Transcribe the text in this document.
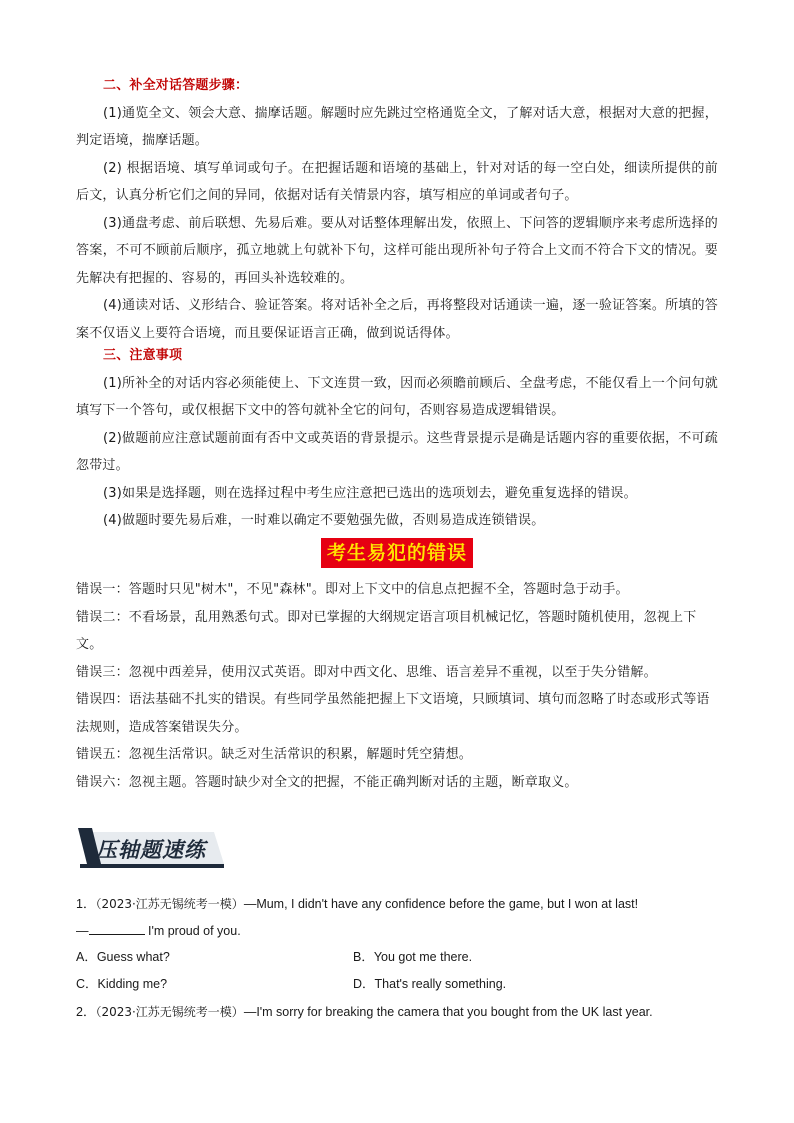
二、补全对话答题步骤：
(1)通览全文、领会大意、揣摩话题。解题时应先跳过空格通览全文，了解对话大意，根据对大意的把握，判定语境，揣摩话题。
(2) 根据语境、填写单词或句子。在把握话题和语境的基础上，针对对话的每一空白处，细读所提供的前后文，认真分析它们之间的异同，依据对话有关情景内容，填写相应的单词或者句子。
(3)通盘考虑、前后联想、先易后难。要从对话整体理解出发，依照上、下问答的逻辑顺序来考虑所选择的答案，不可不顾前后顺序，孤立地就上句就补下句，这样可能出现所补句子符合上文而不符合下文的情况。要先解决有把握的、容易的，再回头补选较难的。
(4)通读对话、义形结合、验证答案。将对话补全之后，再将整段对话通读一遍，逐一验证答案。所填的答案不仅语义上要符合语境，而且要保证语言正确，做到说话得体。
三、注意事项
(1)所补全的对话内容必须能使上、下文连贯一致，因而必须瞻前顾后、全盘考虑，不能仅看上一个问句就填写下一个答句，或仅根据下文中的答句就补全它的问句，否则容易造成逻辑错误。
(2)做题前应注意试题前面有否中文或英语的背景提示。这些背景提示是确是话题内容的重要依据，不可疏忽带过。
(3)如果是选择题，则在选择过程中考生应注意把已选出的选项划去，避免重复选择的错误。
(4)做题时要先易后难，一时难以确定不要勉强先做，否则易造成连锁错误。
考生易犯的错误
错误一：答题时只见"树木"，不见"森林"。即对上下文中的信息点把握不全，答题时急于动手。
错误二：不看场景，乱用熟悉句式。即对已掌握的大纲规定语言项目机械记忆，答题时随机使用，忽视上下文。
错误三：忽视中西差异，使用汉式英语。即对中西文化、思维、语言差异不重视，以至于失分错解。
错误四：语法基础不扎实的错误。有些同学虽然能把握上下文语境，只顾填词、填句而忽略了时态或形式等语法规则，造成答案错误失分。
错误五：忽视生活常识。缺乏对生活常识的积累，解题时凭空猜想。
错误六：忽视主题。答题时缺少对全文的把握，不能正确判断对话的主题，断章取义。
压轴题速练
1．（2023·江苏无锡统考一模）—Mum, I didn't have any confidence before the game, but I won at last!
—	I'm proud of you.
A．Guess what?	B．You got me there.
C．Kidding me?	D．That's really something.
2．（2023·江苏无锡统考一模）—I'm sorry for breaking the camera that you bought from the UK last year.
